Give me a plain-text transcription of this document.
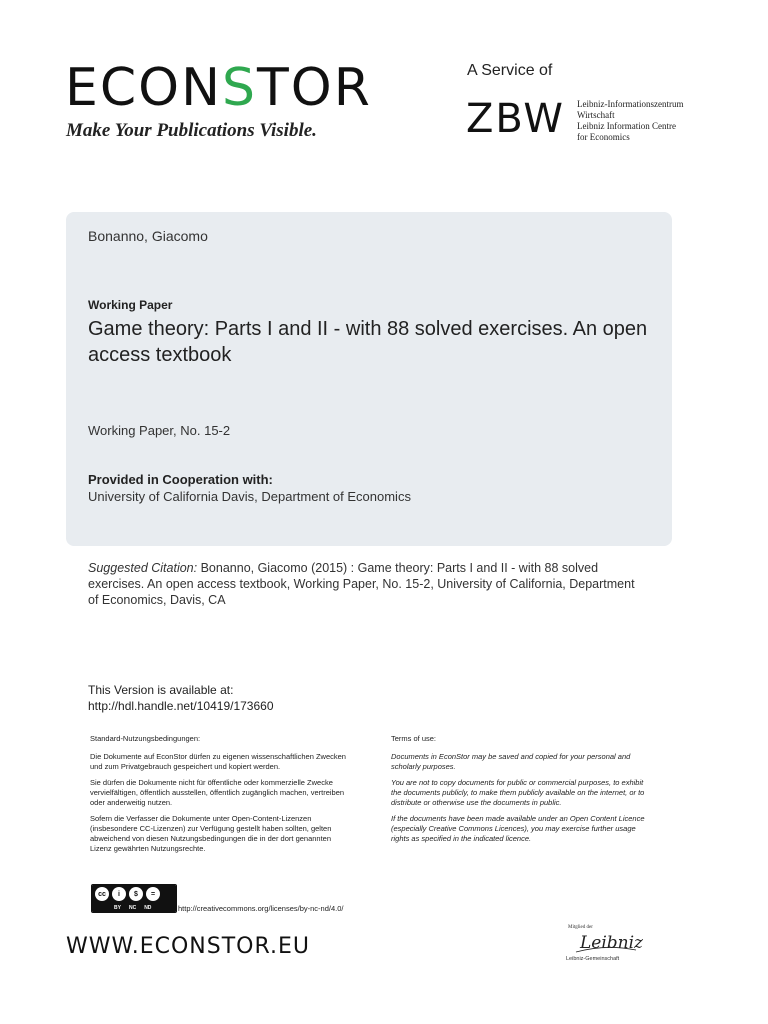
ECONSTOR
Make Your Publications Visible.
A Service of
ZBW Leibniz-Informationszentrum
Wirtschaft
Leibniz Information Centre
for Economics
Bonanno, Giacomo
Working Paper
Game theory: Parts I and II - with 88 solved exercises. An open access textbook
Working Paper, No. 15-2
Provided in Cooperation with:
University of California Davis, Department of Economics
Suggested Citation: Bonanno, Giacomo (2015) : Game theory: Parts I and II - with 88 solved exercises. An open access textbook, Working Paper, No. 15-2, University of California, Department of Economics, Davis, CA
This Version is available at:
http://hdl.handle.net/10419/173660

Standard-Nutzungsbedingungen:

Die Dokumente auf EconStor dürfen zu eigenen wissenschaftlichen Zwecken und zum Privatgebrauch gespeichert und kopiert werden.

Sie dürfen die Dokumente nicht für öffentliche oder kommerzielle Zwecke vervielfältigen, öffentlich ausstellen, öffentlich zugänglich machen, vertreiben oder anderweitig nutzen.

Sofern die Verfasser die Dokumente unter Open-Content-Lizenzen (insbesondere CC-Lizenzen) zur Verfügung gestellt haben sollten, gelten abweichend von diesen Nutzungsbedingungen die in der dort genannten Lizenz gewährten Nutzungsrechte.

Terms of use:

Documents in EconStor may be saved and copied for your personal and scholarly purposes.

You are not to copy documents for public or commercial purposes, to exhibit the documents publicly, to make them publicly available on the internet, or to distribute or otherwise use the documents in public.

If the documents have been made available under an Open Content Licence (especially Creative Commons Licences), you may exercise further usage rights as specified in the indicated licence.

cc	i	$	=
BY NC ND	http://creativecommons.org/licenses/by-nc-nd/4.0/
WWW.ECONSTOR.EU
Mitglied der
Leibniz
Leibniz-Gemeinschaft
